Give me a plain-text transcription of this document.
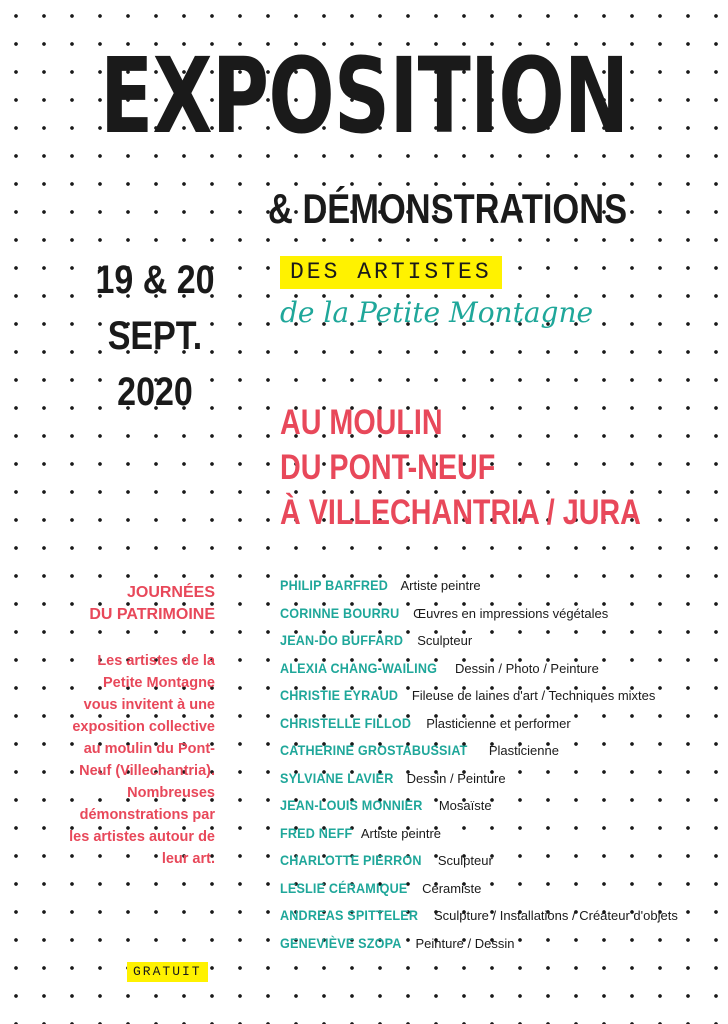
EXPOSITION
& DÉMONSTRATIONS
19 & 20
SEPT.
2020
DES ARTISTES
de la Petite Montagne
AU MOULIN
DU PONT-NEUF
À VILLECHANTRIA / JURA
JOURNÉES
DU PATRIMOINE
Les artistes de la
Petite Montagne
vous invitent à une
exposition collective
au moulin du Pont-
Neuf (Villechantria).
Nombreuses
démonstrations par
les artistes autour de
leur art.
GRATUIT
PHILIP BARFRED Artiste peintre
CORINNE BOURRU Œuvres en impressions végétales
JEAN-DO BUFFARD Sculpteur
ALEXIA CHANG-WAILING Dessin / Photo / Peinture
CHRISTIE EYRAUD Fileuse de laines d'art / Techniques mixtes
CHRISTELLE FILLOD Plasticienne et performer
CATHERINE GROSTABUSSIAT Plasticienne
SYLVIANE LAVIER Dessin / Peinture
JEAN-LOUIS MONNIER Mosaïste
FRED NEFF Artiste peintre
CHARLOTTE PIERRON Sculpteur
LESLIE CÉRAMIQUE Céramiste
ANDREAS SPITTELER Sculpture / Installations / Créateur d'objets
GENEVIÈVE SZOPA Peinture / Dessin
